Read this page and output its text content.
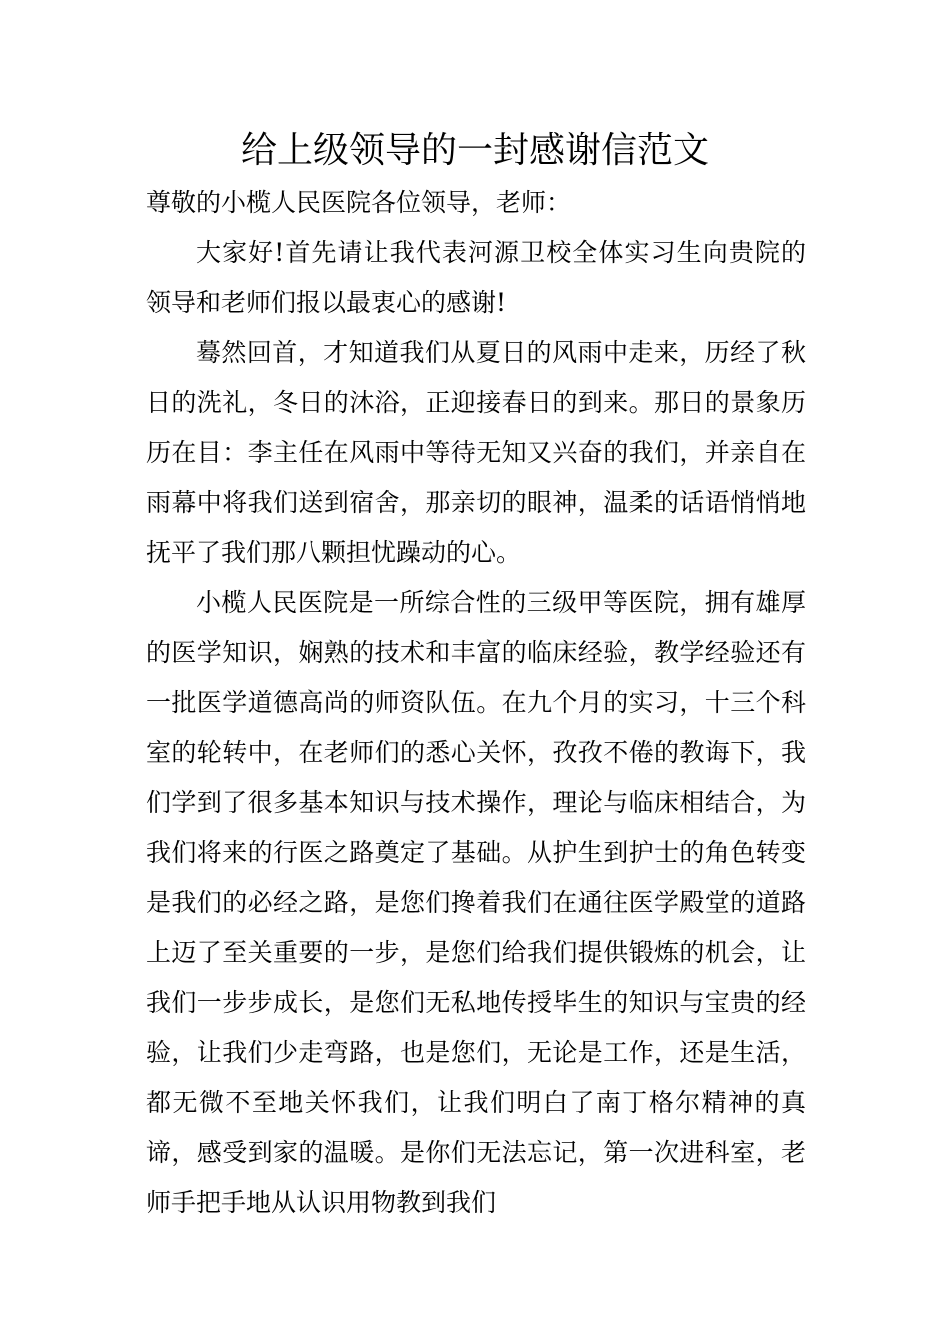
给上级领导的一封感谢信范文

尊敬的小榄人民医院各位领导，老师：

大家好!首先请让我代表河源卫校全体实习生向贵院的领导和老师们报以最衷心的感谢!

蓦然回首，才知道我们从夏日的风雨中走来，历经了秋日的洗礼，冬日的沐浴，正迎接春日的到来。那日的景象历历在目：李主任在风雨中等待无知又兴奋的我们，并亲自在雨幕中将我们送到宿舍，那亲切的眼神，温柔的话语悄悄地抚平了我们那八颗担忧躁动的心。

小榄人民医院是一所综合性的三级甲等医院，拥有雄厚的医学知识，娴熟的技术和丰富的临床经验，教学经验还有一批医学道德高尚的师资队伍。在九个月的实习，十三个科室的轮转中，在老师们的悉心关怀，孜孜不倦的教诲下，我们学到了很多基本知识与技术操作，理论与临床相结合，为我们将来的行医之路奠定了基础。从护生到护士的角色转变是我们的必经之路，是您们搀着我们在通往医学殿堂的道路上迈了至关重要的一步，是您们给我们提供锻炼的机会，让我们一步步成长，是您们无私地传授毕生的知识与宝贵的经验，让我们少走弯路，也是您们，无论是工作，还是生活，都无微不至地关怀我们，让我们明白了南丁格尔精神的真谛，感受到家的温暖。是你们无法忘记，第一次进科室，老师手把手地从认识用物教到我们
